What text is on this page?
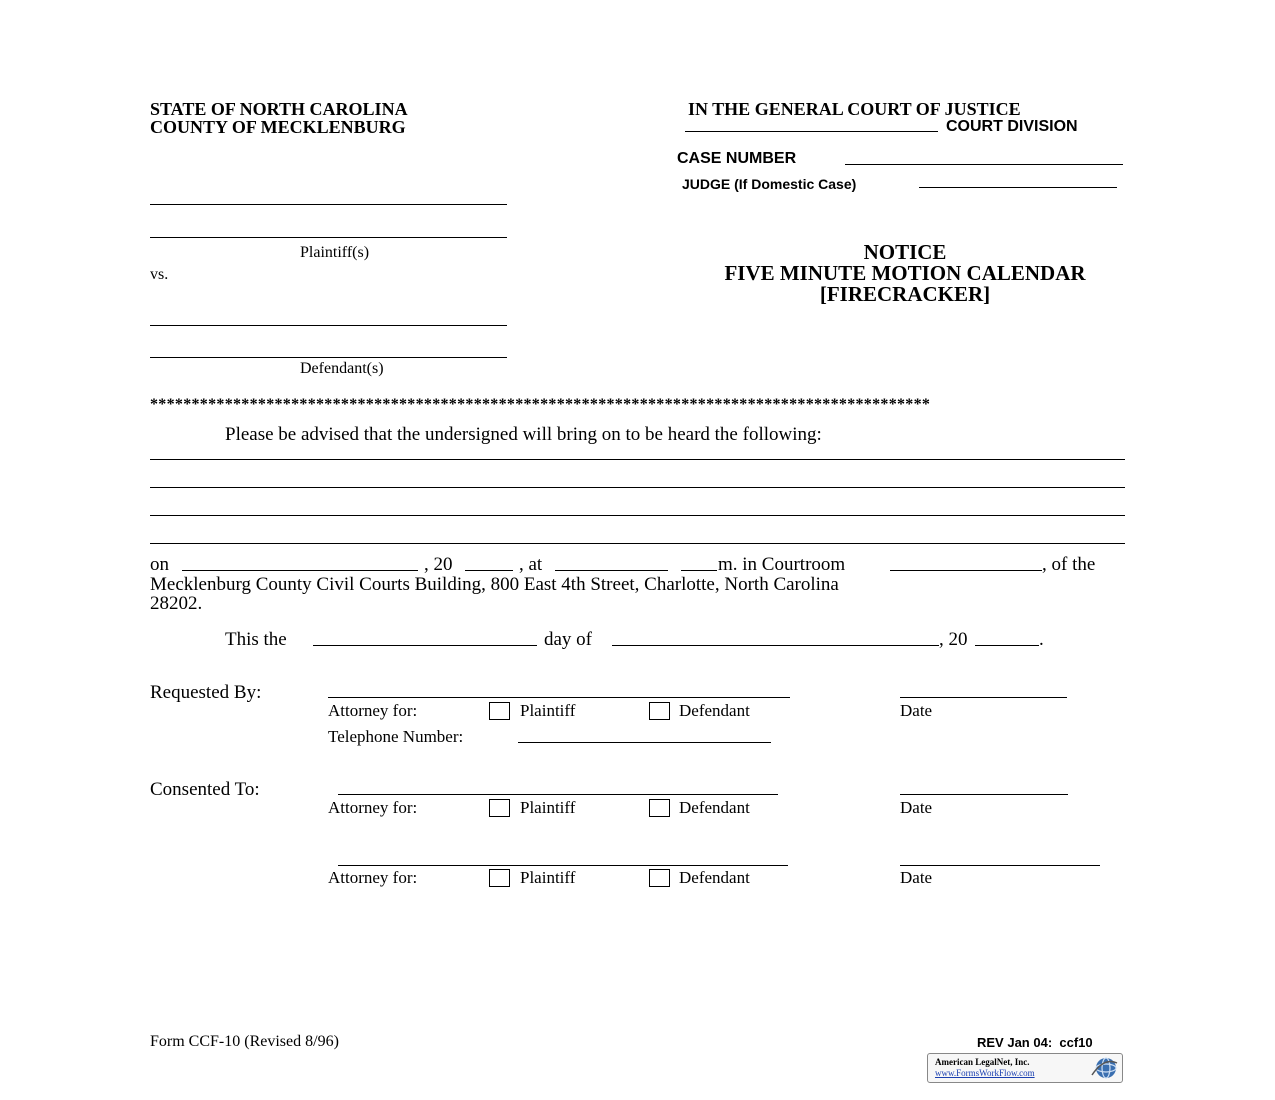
STATE OF NORTH CAROLINA
COUNTY OF MECKLENBURG
IN THE GENERAL COURT OF JUSTICE
COURT DIVISION
CASE NUMBER
JUDGE (If Domestic Case)
Plaintiff(s)
vs.
Defendant(s)
NOTICE
FIVE MINUTE MOTION CALENDAR
[FIRECRACKER]
**********************************************************************************************
Please be advised that the undersigned will bring on to be heard the following:
on	, 20	, at	m. in Courtroom	, of the
Mecklenburg County Civil Courts Building, 800 East 4th Street, Charlotte, North Carolina
28202.
This the	day of	, 20	.
Requested By:
Attorney for:	Plaintiff	Defendant	Date
Telephone Number:
Consented To:
Attorney for:	Plaintiff	Defendant	Date
Attorney for:	Plaintiff	Defendant	Date
Form CCF-10 (Revised 8/96)	REV Jan 04:  ccf10
American LegalNet, Inc.
www.FormsWorkFlow.com
